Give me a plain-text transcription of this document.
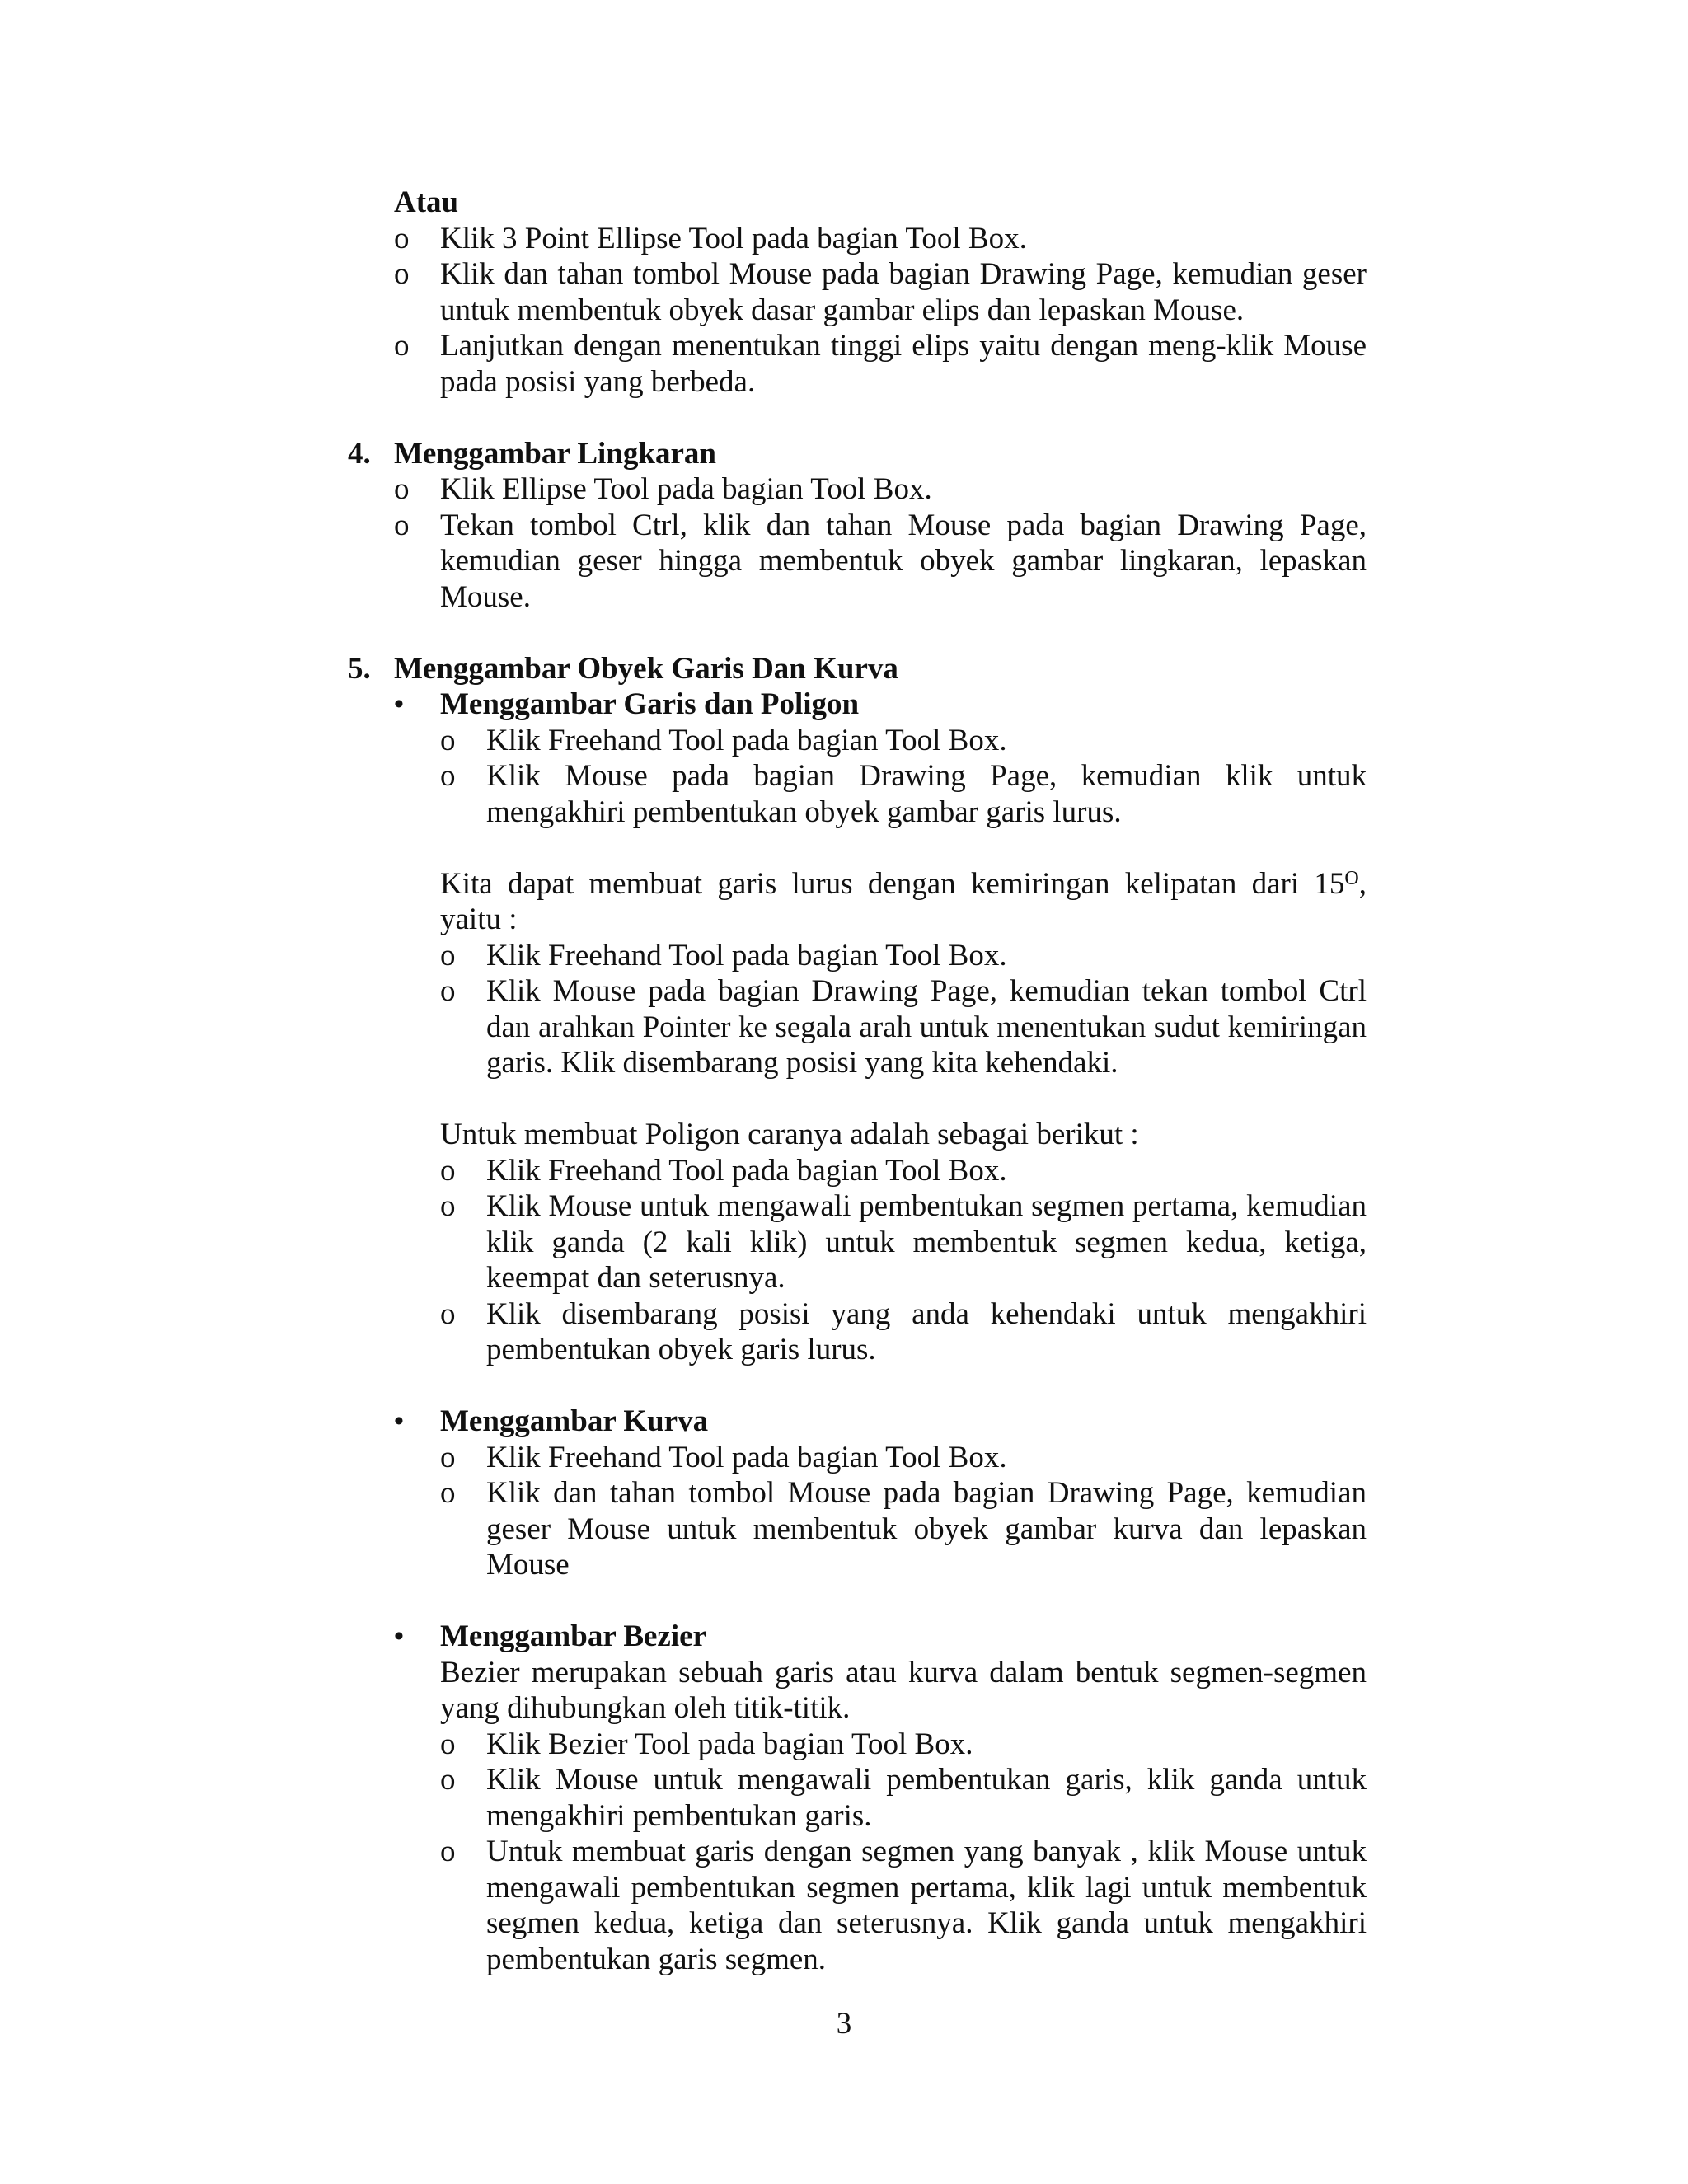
Atau
o	Klik 3 Point Ellipse Tool pada bagian Tool Box.
o	Klik dan tahan tombol Mouse pada bagian Drawing Page, kemudian geser untuk membentuk obyek dasar gambar elips dan lepaskan Mouse.
o	Lanjutkan dengan menentukan tinggi elips yaitu dengan meng-klik Mouse pada posisi yang berbeda.
4. Menggambar Lingkaran
o	Klik Ellipse Tool pada bagian Tool Box.
o	Tekan tombol Ctrl, klik dan tahan Mouse pada bagian Drawing Page, kemudian geser hingga membentuk obyek gambar lingkaran, lepaskan Mouse.
5. Menggambar Obyek Garis Dan Kurva
•	Menggambar Garis dan Poligon
o	Klik Freehand Tool pada bagian Tool Box.
o	Klik Mouse pada bagian Drawing Page, kemudian klik untuk mengakhiri pembentukan obyek gambar garis lurus.
Kita dapat membuat garis lurus dengan kemiringan kelipatan dari $15^O$,
yaitu :
o	Klik Freehand Tool pada bagian Tool Box.
o	Klik Mouse pada bagian Drawing Page, kemudian tekan tombol Ctrl dan arahkan Pointer ke segala arah untuk menentukan sudut kemiringan garis. Klik disembarang posisi yang kita kehendaki.
Untuk membuat Poligon caranya adalah sebagai berikut :
o	Klik Freehand Tool pada bagian Tool Box.
o	Klik Mouse untuk mengawali pembentukan segmen pertama, kemudian klik ganda (2 kali klik) untuk membentuk segmen kedua, ketiga, keempat dan seterusnya.
o	Klik disembarang posisi yang anda kehendaki untuk mengakhiri pembentukan obyek garis lurus.
•	Menggambar Kurva
o	Klik Freehand Tool pada bagian Tool Box.
o	Klik dan tahan tombol Mouse pada bagian Drawing Page, kemudian geser Mouse untuk membentuk obyek gambar kurva dan lepaskan Mouse
•	Menggambar Bezier
Bezier merupakan sebuah garis atau kurva dalam bentuk segmen-segmen yang dihubungkan oleh titik-titik.
o	Klik Bezier Tool pada bagian Tool Box.
o	Klik Mouse untuk mengawali pembentukan garis, klik ganda untuk mengakhiri pembentukan garis.
o	Untuk membuat garis dengan segmen yang banyak , klik Mouse untuk mengawali pembentukan segmen pertama, klik lagi untuk membentuk segmen kedua, ketiga dan seterusnya. Klik ganda untuk mengakhiri pembentukan garis segmen.
3
